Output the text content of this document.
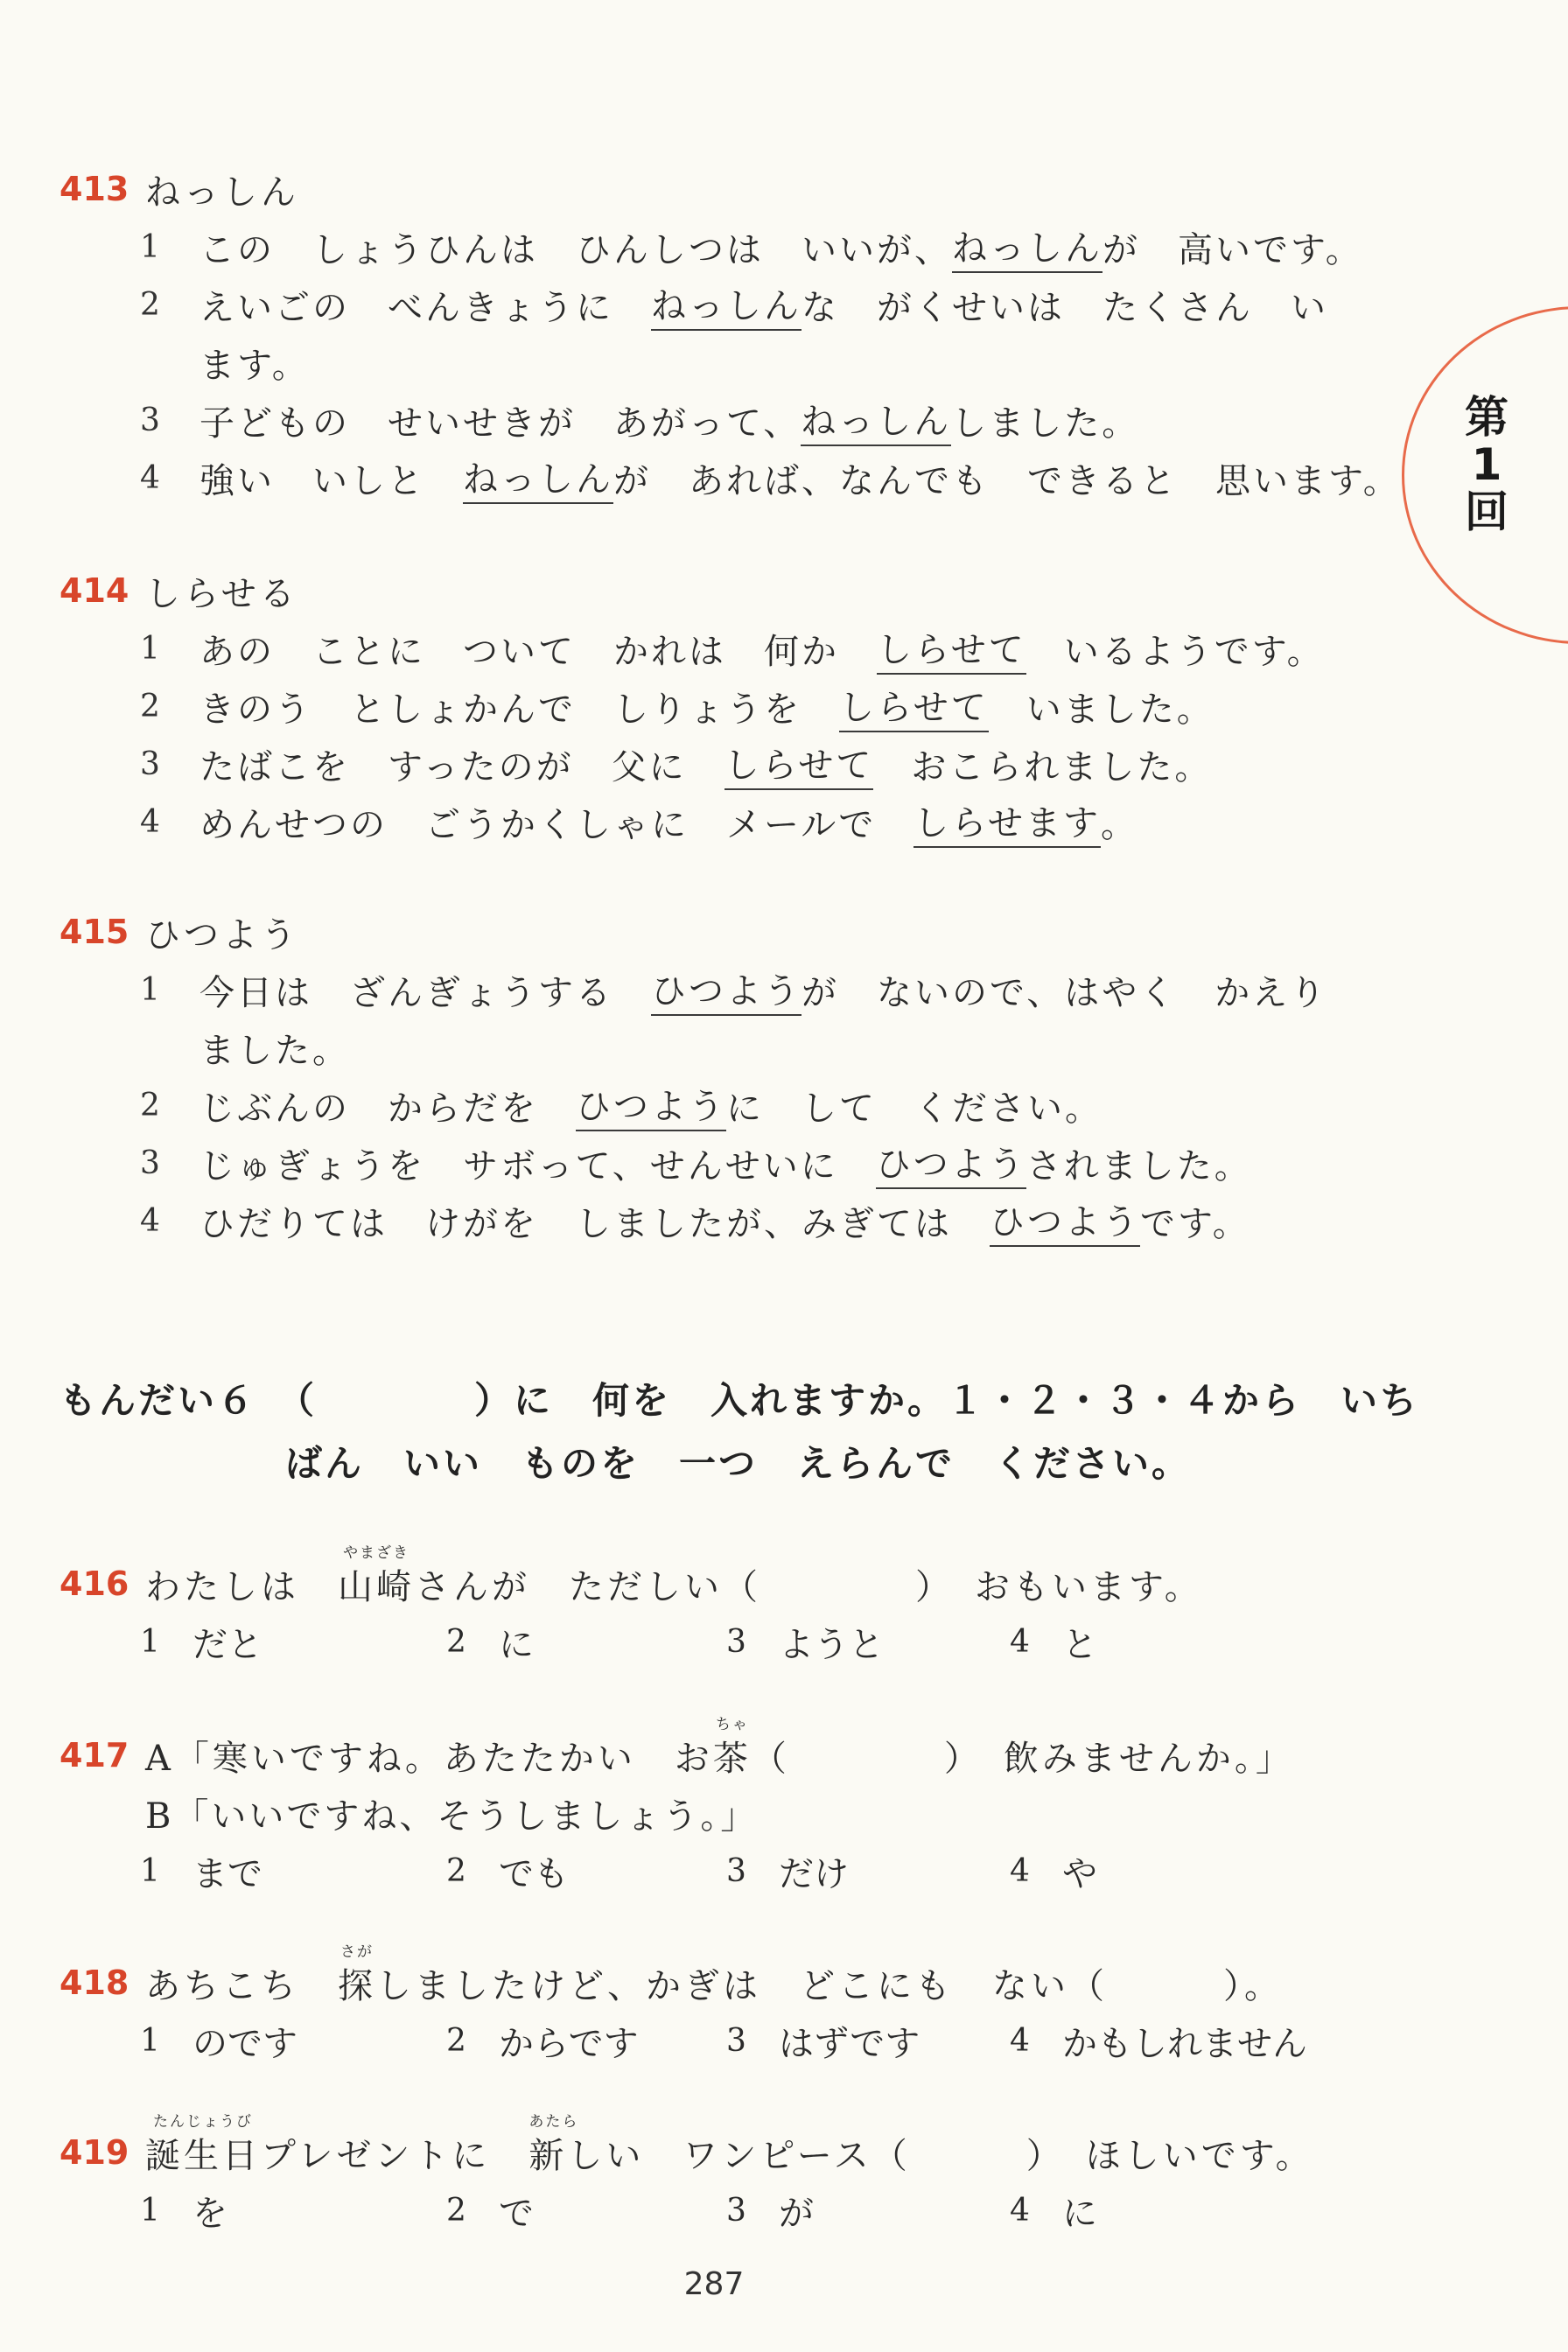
第
1
回
413 ねっしん
1	この　しょうひんは　ひんしつは　いいが、 ねっしん が　高いです。
2	えいごの　べんきょうに　 ねっしん な　がくせいは　たくさん　い
ます。
3	子どもの　せいせきが　あがって、 ねっしん しました。
4	強い　いしと　 ねっしん が　あれば、なんでも　できると　思います。
414 しらせる
1	あの　ことに　ついて　かれは　何か　 しらせて 　いるようです。
2	きのう　としょかんで　しりょうを　 しらせて 　いました。
3	たばこを　すったのが　父に　 しらせて 　おこられました。
4	めんせつの　ごうかくしゃに　メールで　 しらせます 。
415 ひつよう
1	今日は　ざんぎょうする　 ひつよう が　ないので、はやく　かえり
ました。
2	じぶんの　からだを　 ひつよう に　して　ください。
3	じゅぎょうを　サボって、せんせいに　 ひつよう されました。
4	ひだりては　けがを　しましたが、みぎては　 ひつよう です。
もんだい６　（　　　　）に　何を　入れますか。１・２・３・４から　いち
ばん　いい　ものを　一つ　えらんで　ください。
416 わたしは　
やまざき
山崎さんが　ただしい（　　　　）　おもいます。
1 だと	2 に	3 ようと	4 と
417 A「寒いですね。あたたかい　お
ちゃ
茶（　　　　）　飲みませんか。」
B「いいですね、そうしましょう。」
1 まで	2 でも	3 だけ	4 や
418 あちこち　
さが
探しましたけど、かぎは　どこにも　ない（　　　）。
1 のです	2 からです	3 はずです	4 かもしれません
419
たんじょうび
誕生日プレゼントに　
あたら
新しい　ワンピース（　　　）　ほしいです。
1 を	2 で	3 が	4 に
287
